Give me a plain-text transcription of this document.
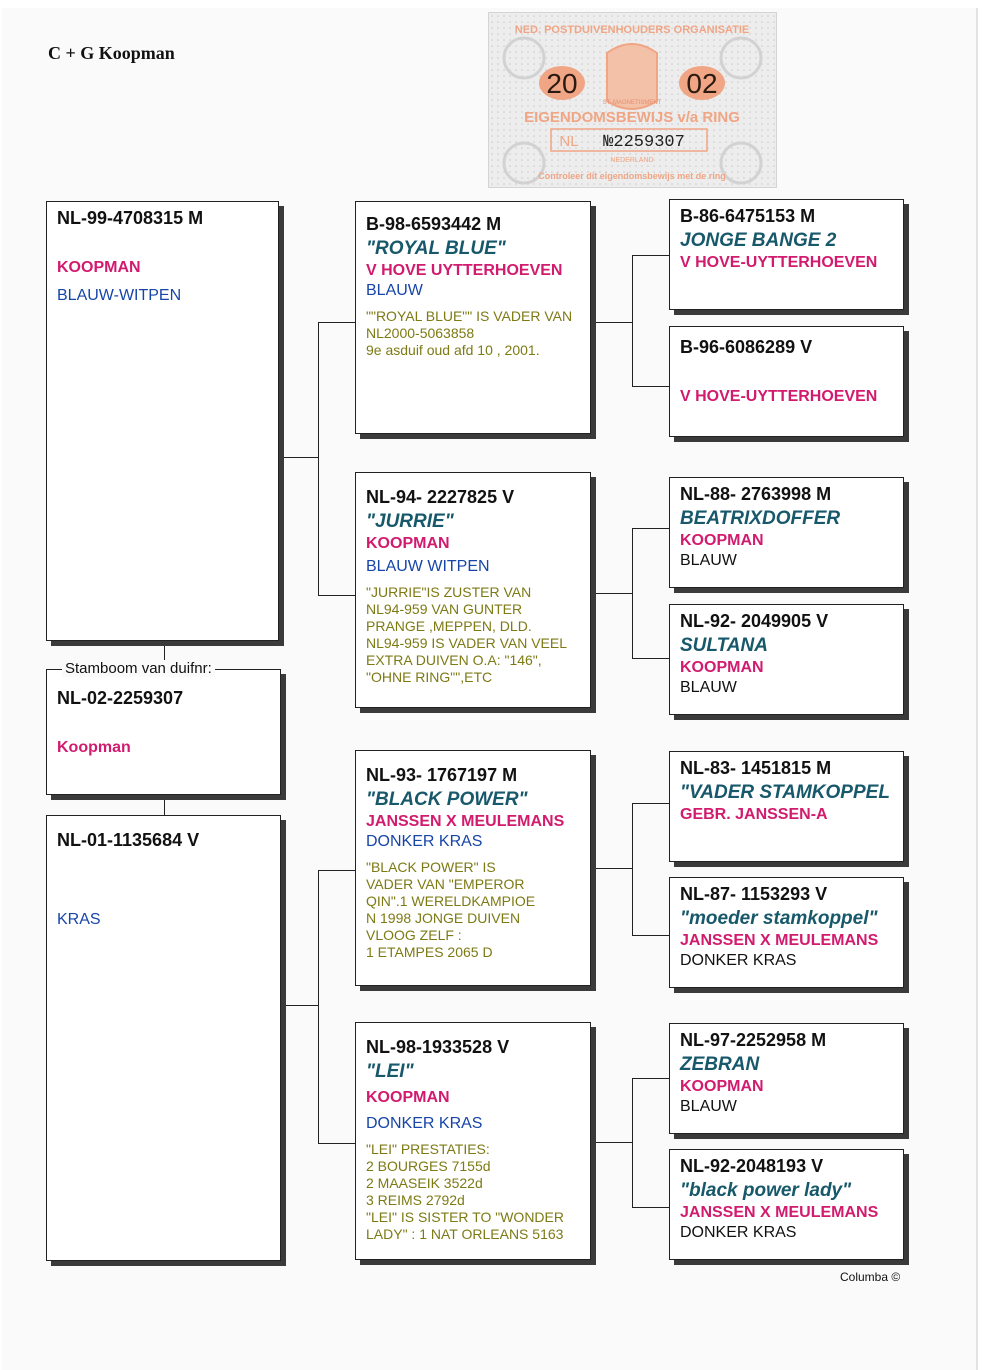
C + G Koopman
NED. POSTDUIVENHOUDERS ORGANISATIE
20	02
ST. MAGNETISMENT
EIGENDOMSBEWIJS v/a RING
NL №2259307
NEDERLAND
Controleer dit eigendomsbewijs met de ring
NL-99-4708315 M
KOOPMAN
BLAUW-WITPEN
NL-02-2259307
Koopman
Stamboom van duifnr:
NL-01-1135684 V
KRAS
B-98-6593442 M
"ROYAL BLUE"
V HOVE UYTTERHOEVEN
BLAUW
""ROYAL BLUE"" IS VADER VAN
NL2000-5063858
9e asduif oud afd 10 , 2001.
NL-94- 2227825 V
"JURRIE"
KOOPMAN
BLAUW WITPEN
"JURRIE"IS ZUSTER VAN
NL94-959 VAN GUNTER
PRANGE ,MEPPEN, DLD.
NL94-959 IS VADER VAN VEEL
EXTRA DUIVEN O.A: "146",
"OHNE RING"",ETC
NL-93- 1767197 M
"BLACK POWER"
JANSSEN X MEULEMANS
DONKER KRAS
"BLACK POWER" IS
VADER VAN "EMPEROR
QIN".1 WERELDKAMPIOE
N 1998 JONGE DUIVEN
VLOOG ZELF :
1 ETAMPES 2065 D
NL-98-1933528 V
"LEI"
KOOPMAN
DONKER KRAS
"LEI" PRESTATIES:
2 BOURGES 7155d
2 MAASEIK 3522d
3 REIMS 2792d
"LEI" IS SISTER TO "WONDER
LADY" : 1 NAT ORLEANS 5163
B-86-6475153 M
JONGE BANGE 2
V HOVE-UYTTERHOEVEN
B-96-6086289 V
V HOVE-UYTTERHOEVEN
NL-88- 2763998 M
BEATRIXDOFFER
KOOPMAN
BLAUW
NL-92- 2049905 V
SULTANA
KOOPMAN
BLAUW
NL-83- 1451815 M
"VADER STAMKOPPEL
GEBR. JANSSEN-A
NL-87- 1153293 V
"moeder stamkoppel"
JANSSEN X MEULEMANS
DONKER KRAS
NL-97-2252958 M
ZEBRAN
KOOPMAN
BLAUW
NL-92-2048193 V
"black power lady"
JANSSEN X MEULEMANS
DONKER KRAS
Columba ©
